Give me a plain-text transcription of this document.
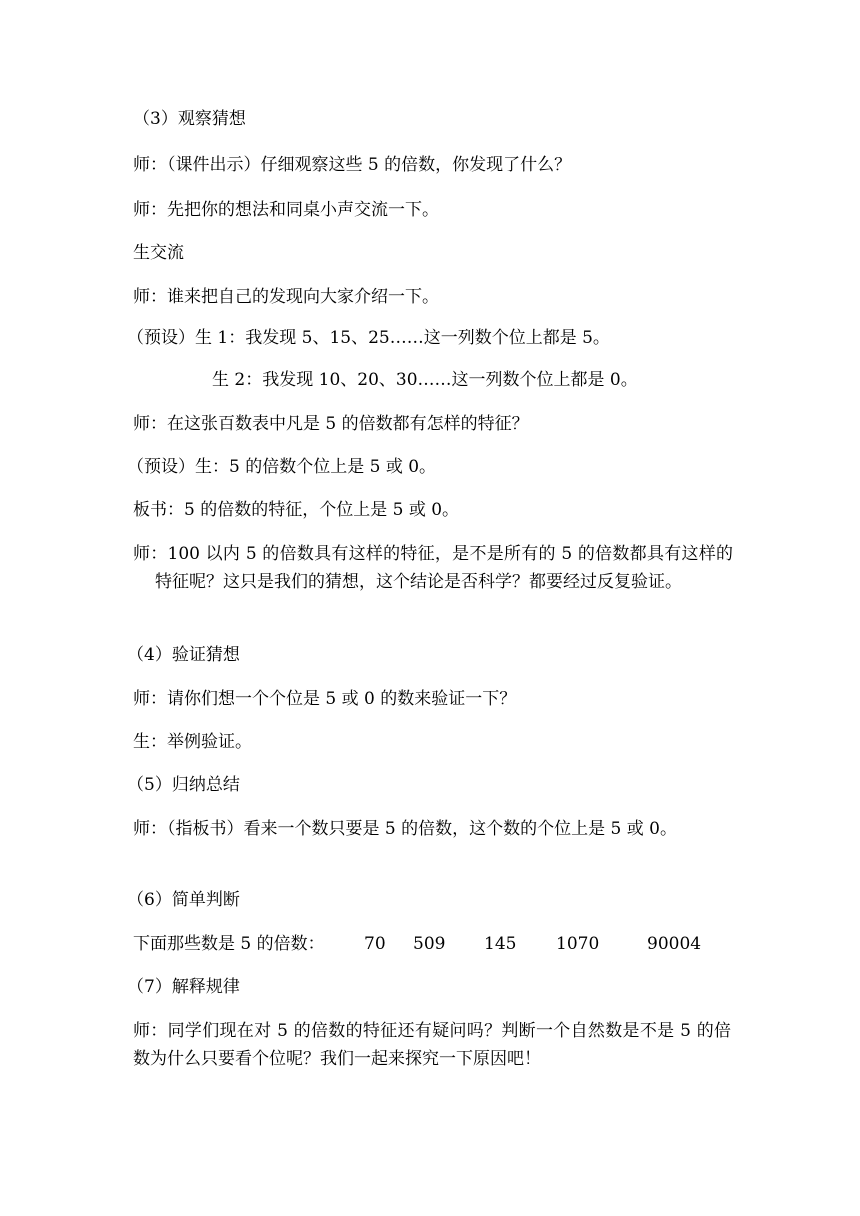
（3）观察猜想
师：（课件出示）仔细观察这些 5 的倍数，你发现了什么？
师：先把你的想法和同桌小声交流一下。
生交流
师：谁来把自己的发现向大家介绍一下。
（预设）生 1：我发现 5、15、25……这一列数个位上都是 5。
生 2：我发现 10、20、30……这一列数个位上都是 0。
师：在这张百数表中凡是 5 的倍数都有怎样的特征？
（预设）生：5 的倍数个位上是 5 或 0。
板书：5 的倍数的特征，个位上是 5 或 0。
师：100 以内 5 的倍数具有这样的特征，是不是所有的 5 的倍数都具有这样的特征呢？这只是我们的猜想，这个结论是否科学？都要经过反复验证。
（4）验证猜想
师：请你们想一个个位是 5 或 0 的数来验证一下？
生：举例验证。
（5）归纳总结
师：（指板书）看来一个数只要是 5 的倍数，这个数的个位上是 5 或 0。
（6）简单判断
下面那些数是 5 的倍数： 70 509 145 1070	90004
（7）解释规律
师：同学们现在对 5 的倍数的特征还有疑问吗？判断一个自然数是不是 5 的倍数为什么只要看个位呢？我们一起来探究一下原因吧！
